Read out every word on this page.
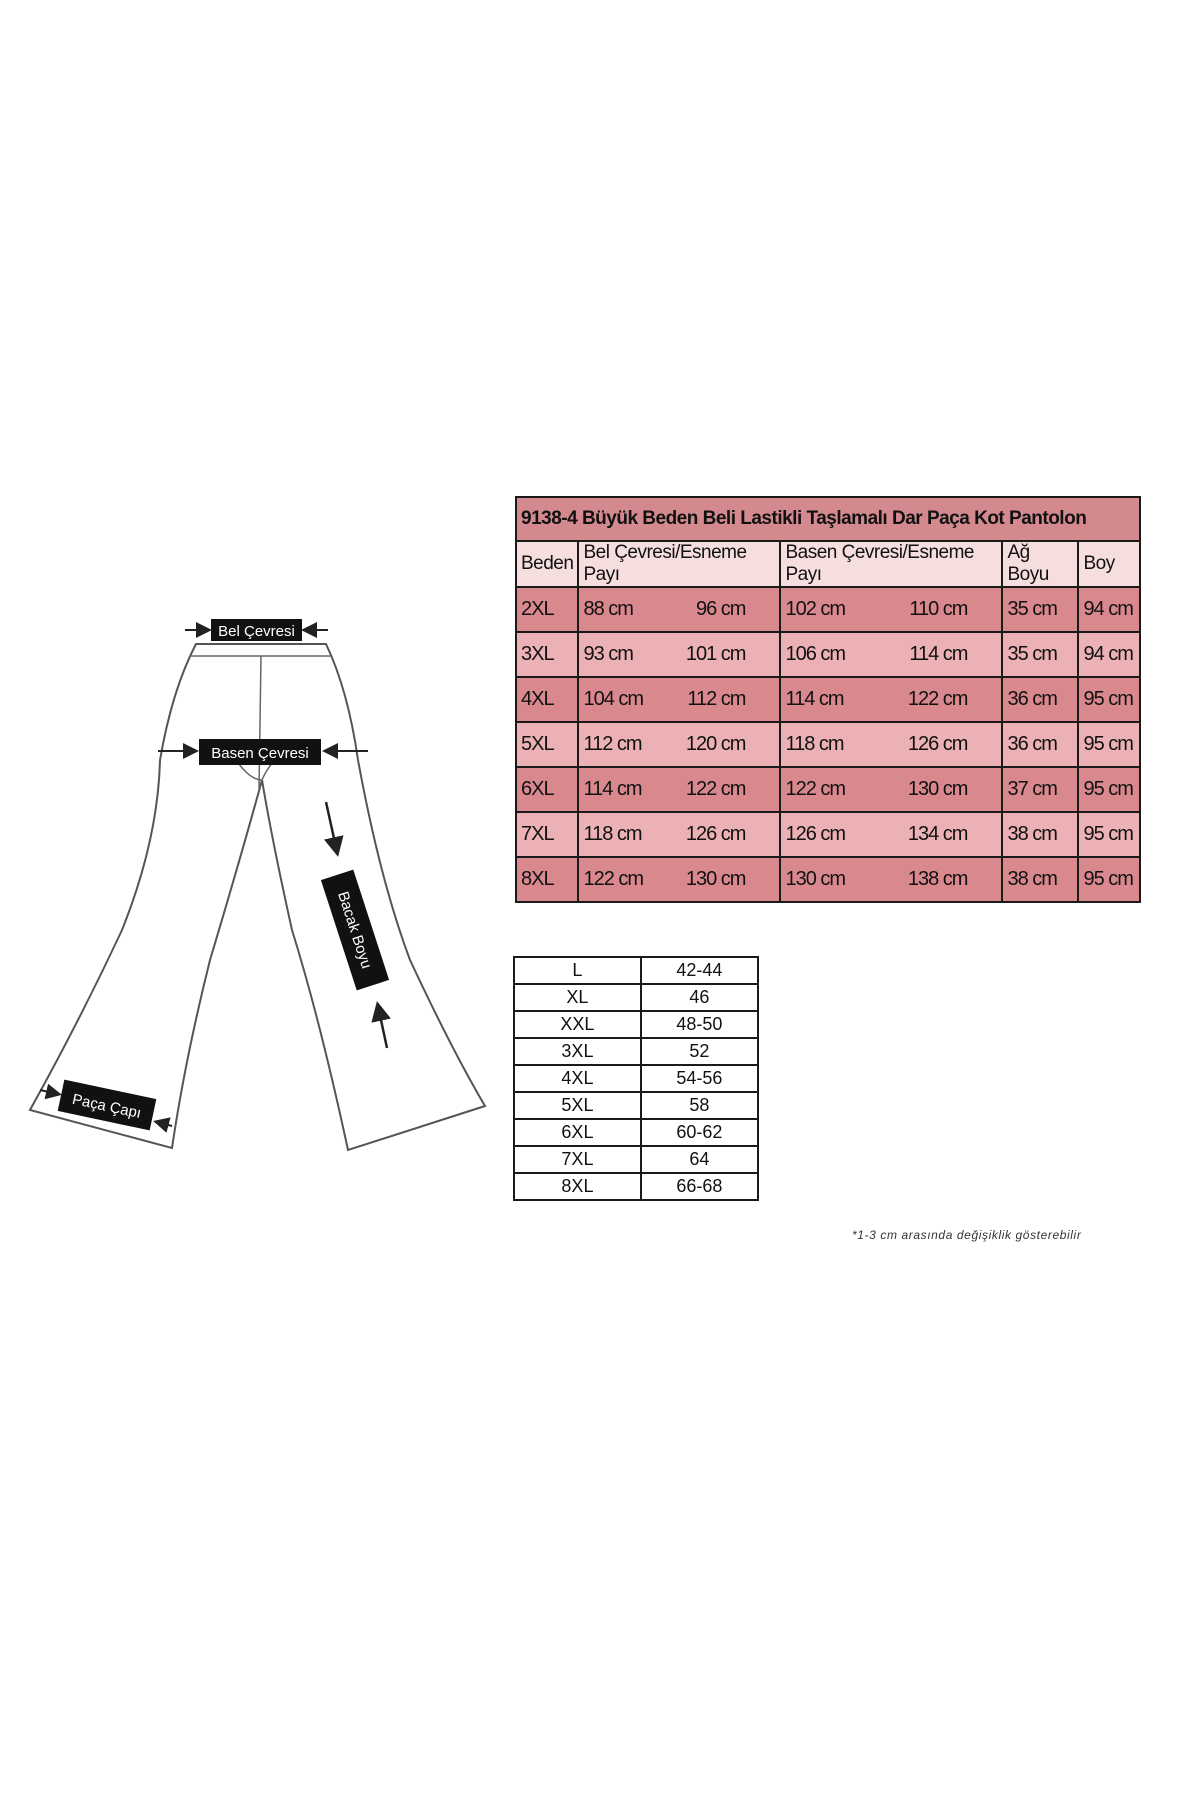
Bel Çevresi
Basen Çevresi
Bacak Boyu
Paça Çapı
9138-4 Büyük Beden Beli Lastikli Taşlamalı Dar Paça Kot Pantolon				
Beden	Bel Çevresi/Esneme Payı	Basen Çevresi/Esneme Payı	Ağ Boyu	Boy
2XL	88 cm 96 cm	102 cm 110 cm	35 cm	94 cm
3XL	93 cm 101 cm	106 cm 114 cm	35 cm	94 cm
4XL	104 cm 112 cm	114 cm 122 cm	36 cm	95 cm
5XL	112 cm 120 cm	118 cm 126 cm	36 cm	95 cm
6XL	114 cm 122 cm	122 cm 130 cm	37 cm	95 cm
7XL	118 cm 126 cm	126 cm 134 cm	38 cm	95 cm
8XL	122 cm 130 cm	130 cm 138 cm	38 cm	95 cm
L	42-44
XL	46
XXL	48-50
3XL	52
4XL	54-56
5XL	58
6XL	60-62
7XL	64
8XL	66-68
*1-3 cm arasında değişiklik gösterebilir
